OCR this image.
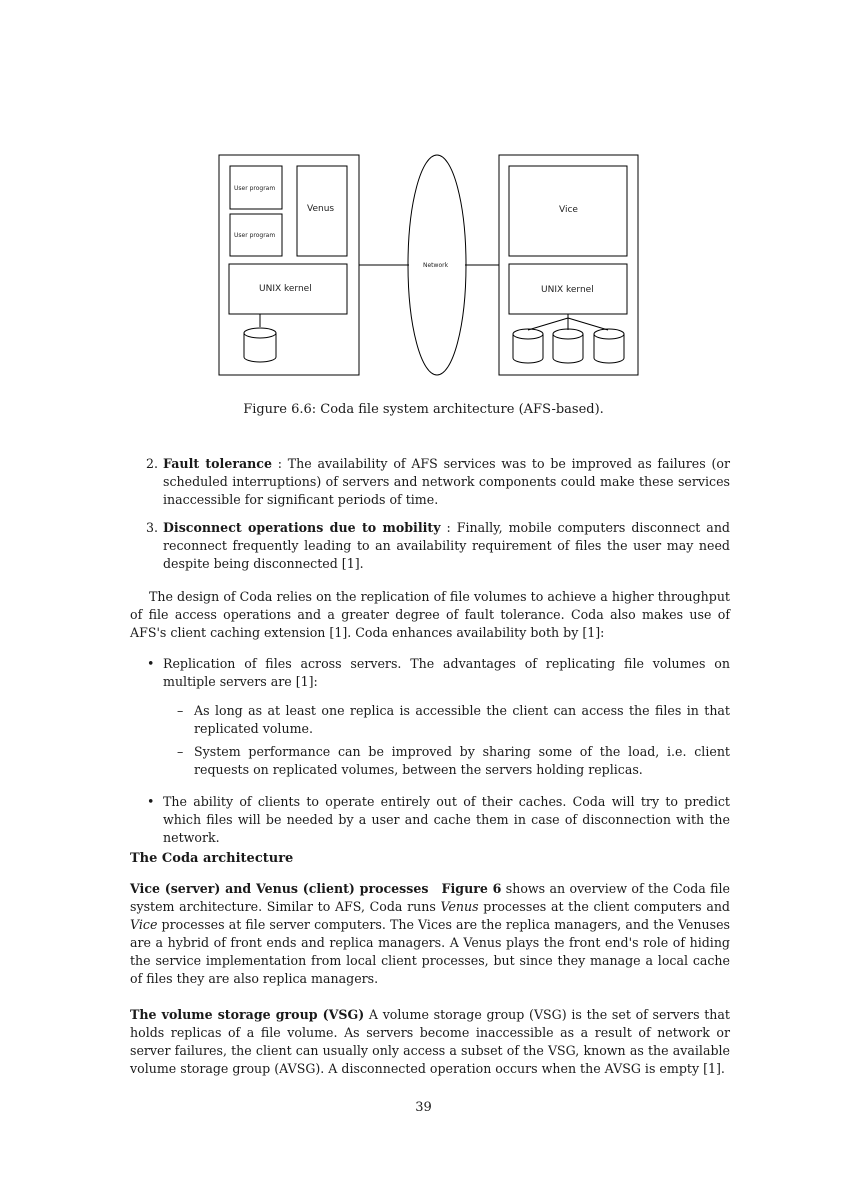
User program
User program
Venus
UNIX kernel
Network
Vice
UNIX kernel
Figure 6.6: Coda file system architecture (AFS-based).
2. Fault tolerance : The availability of AFS services was to be improved as failures (or scheduled interruptions) of servers and network components could make these services inaccessible for significant periods of time.
3. Disconnect operations due to mobility : Finally, mobile computers disconnect and reconnect frequently leading to an availability requirement of files the user may need despite being disconnected [1].
The design of Coda relies on the replication of file volumes to achieve a higher throughput of file access operations and a greater degree of fault tolerance. Coda also makes use of AFS's client caching extension [1]. Coda enhances availability both by [1]:
• Replication of files across servers. The advantages of replicating file volumes on multiple servers are [1]:
– As long as at least one replica is accessible the client can access the files in that replicated volume.
– System performance can be improved by sharing some of the load, i.e. client requests on replicated volumes, between the servers holding replicas.
• The ability of clients to operate entirely out of their caches. Coda will try to predict which files will be needed by a user and cache them in case of disconnection with the network.
The Coda architecture
Vice (server) and Venus (client) processes Figure 6 shows an overview of the Coda file system architecture. Similar to AFS, Coda runs Venus processes at the client computers and Vice processes at file server computers. The Vices are the replica managers, and the Venuses are a hybrid of front ends and replica managers. A Venus plays the front end's role of hiding the service implementation from local client processes, but since they manage a local cache of files they are also replica managers.
The volume storage group (VSG) A volume storage group (VSG) is the set of servers that holds replicas of a file volume. As servers become inaccessible as a result of network or server failures, the client can usually only access a subset of the VSG, known as the available volume storage group (AVSG). A disconnected operation occurs when the AVSG is empty [1].
39
